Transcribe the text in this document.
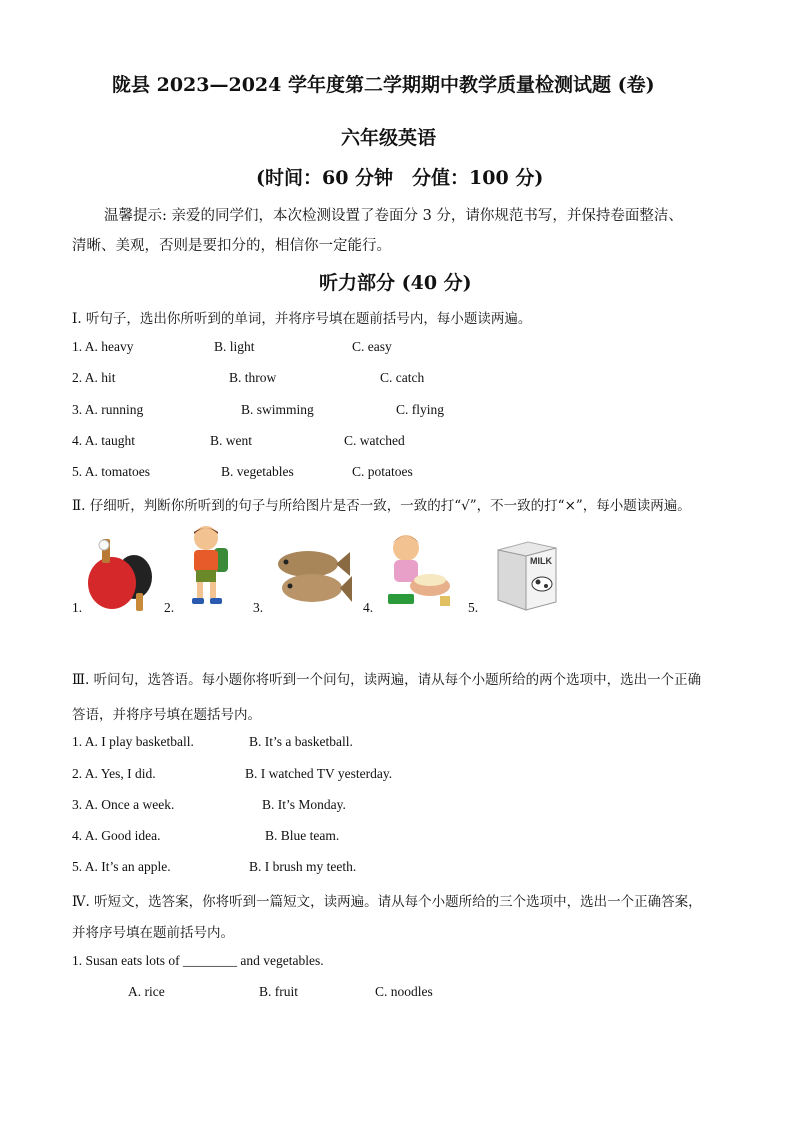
陇县 2023—2024 学年度第二学期期中教学质量检测试题 (卷)
六年级英语
(时间：60 分钟　分值：100 分)
温馨提示: 亲爱的同学们，本次检测设置了卷面分 3 分，请你规范书写，并保持卷面整洁、
清晰、美观，否则是要扣分的，相信你一定能行。
听力部分 (40 分)
Ⅰ. 听句子，选出你所听到的单词，并将序号填在题前括号内，每小题读两遍。
1. A. heavy	B. light	C. easy
2. A. hit	B. throw	C. catch
3. A. running	B. swimming	C. flying
4. A. taught	B. went	C. watched
5. A. tomatoes	B. vegetables	C. potatoes
Ⅱ. 仔细听，判断你所听到的句子与所给图片是否一致，一致的打“√”，不一致的打“×”，每小题读两遍。
1.	2.	3.	4.	5.
MILK
Ⅲ. 听问句，选答语。每小题你将听到一个问句，读两遍，请从每个小题所给的两个选项中，选出一个正确
答语，并将序号填在题括号内。
1. A. I play basketball.	B. It’s a basketball.
2. A. Yes, I did.	B. I watched TV yesterday.
3. A. Once a week.	B. It’s Monday.
4. A. Good idea.	B. Blue team.
5. A. It’s an apple.	B. I brush my teeth.
Ⅳ. 听短文，选答案，你将听到一篇短文，读两遍。请从每个小题所给的三个选项中，选出一个正确答案，
并将序号填在题前括号内。
1. Susan eats lots of ________ and vegetables.
A. rice	B. fruit	C. noodles
